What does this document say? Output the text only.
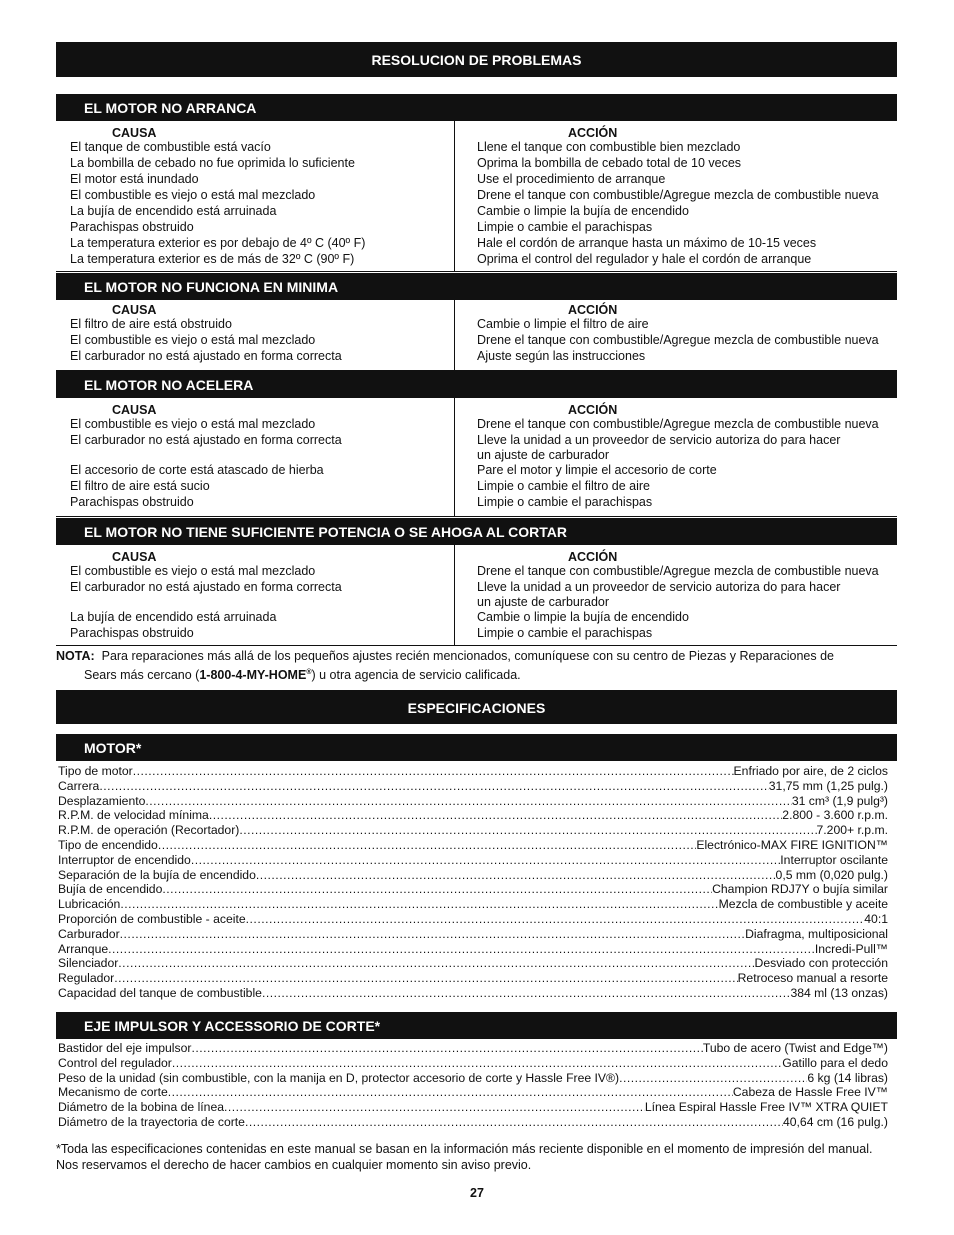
RESOLUCION DE PROBLEMAS
EL MOTOR NO ARRANCA
CAUSA	ACCIÓN
El tanque de combustible está vacío	Llene el tanque con combustible bien mezclado
La bombilla de cebado no fue oprimida lo suficiente	Oprima la bombilla de cebado total de 10 veces
El motor está inundado	Use el procedimiento de arranque
El combustible es viejo o está mal mezclado	Drene el tanque con combustible/Agregue mezcla de combustible nueva
La bujía de encendido está arruinada	Cambie o limpie la bujía de encendido
Parachispas obstruido	Limpie o cambie el parachispas
La temperatura exterior es por debajo de 4º C (40º F)	Hale el cordón de arranque hasta un máximo de 10-15 veces
La temperatura exterior es de más de 32º C (90º F)	Oprima el control del regulador y hale el cordón de arranque
EL MOTOR NO FUNCIONA EN MINIMA
CAUSA	ACCIÓN
El filtro de aire está obstruido	Cambie o limpie el filtro de aire
El combustible es viejo o está mal mezclado	Drene el tanque con combustible/Agregue mezcla de combustible nueva
El carburador no está ajustado en forma correcta	Ajuste según las instrucciones
EL MOTOR NO ACELERA
CAUSA	ACCIÓN
El combustible es viejo o está mal mezclado	Drene el tanque con combustible/Agregue mezcla de combustible nueva
El carburador no está ajustado en forma correcta	Lleve la unidad a un proveedor de servicio autoriza do para hacer un ajuste de carburador
El accesorio de corte está atascado de hierba	Pare el motor y limpie el accesorio de corte
El filtro de aire está sucio	Limpie o cambie el filtro de aire
Parachispas obstruido	Limpie o cambie el parachispas
EL MOTOR NO TIENE SUFICIENTE POTENCIA O SE AHOGA AL CORTAR
CAUSA	ACCIÓN
El combustible es viejo o está mal mezclado	Drene el tanque con combustible/Agregue mezcla de combustible nueva
El carburador no está ajustado en forma correcta	Lleve la unidad a un proveedor de servicio autoriza do para hacer un ajuste de carburador
La bujía de encendido está arruinada	Cambie o limpie la bujía de encendido
Parachispas obstruido	Limpie o cambie el parachispas
NOTA: Para reparaciones más allá de los pequeños ajustes recién mencionados, comuníquese con su centro de Piezas y Reparaciones de
Sears más cercano (1-800-4-MY-HOME®) u otra agencia de servicio calificada.
ESPECIFICACIONES
MOTOR*
Tipo de motor .....	Enfriado por aire, de 2 ciclos
Carrera .....	31,75 mm (1,25 pulg.)
Desplazamiento .....	31 cm³ (1,9 pulg³)
R.P.M. de velocidad mínima .....	2.800 - 3.600 r.p.m.
R.P.M. de operación (Recortador) .....	7.200+ r.p.m.
Tipo de encendido .....	Electrónico-MAX FIRE IGNITION™
Interruptor de encendido .....	Interruptor oscilante
Separación de la bujía de encendido .....	0,5 mm (0,020 pulg.)
Bujía de encendido .....	Champion RDJ7Y o bujía similar
Lubricación .....	Mezcla de combustible y aceite
Proporción de combustible - aceite .....	40:1
Carburador .....	Diafragma, multiposicional
Arranque .....	Incredi-Pull™
Silenciador .....	Desviado con protección
Regulador .....	Retroceso manual a resorte
Capacidad del tanque de combustible .....	384 ml (13 onzas)
EJE IMPULSOR Y ACCESSORIO DE CORTE*
Bastidor del eje impulsor .....	Tubo de acero (Twist and Edge™)
Control del regulador .....	Gatillo para el dedo
Peso de la unidad (sin combustible, con la manija en D, protector accesorio de corte y Hassle Free IV®) .....	6 kg (14 libras)
Mecanismo de corte .....	Cabeza de Hassle Free IV™
Diámetro de la bobina de línea .....	Línea Espiral Hassle Free IV™ XTRA QUIET
Diámetro de la trayectoria de corte .....	40,64 cm (16 pulg.)
*Toda las especificaciones contenidas en este manual se basan en la información más reciente disponible en el momento de impresión del manual. Nos reservamos el derecho de hacer cambios en cualquier momento sin aviso previo.
27
